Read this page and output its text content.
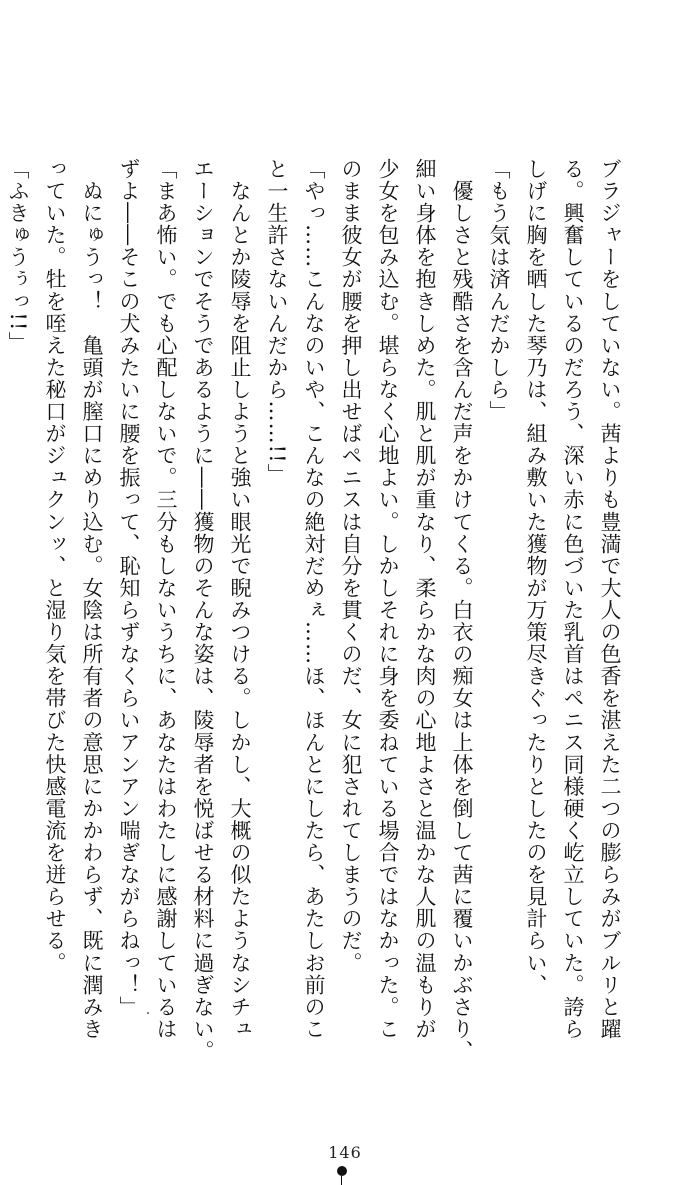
ブラジャーをしていない。茜よりも豊満で大人の色香を湛えた二つの膨らみがブルリと躍
る。興奮しているのだろう、深い赤に色づいた乳首はペニス同様硬く屹立していた。誇ら
しげに胸を晒した琴乃は、組み敷いた獲物が万策尽きぐったりとしたのを見計らい、
「もう気は済んだかしら」
　優しさと残酷さを含んだ声をかけてくる。白衣の痴女は上体を倒して茜に覆いかぶさり、
細い身体を抱きしめた。肌と肌が重なり、柔らかな肉の心地よさと温かな人肌の温もりが
少女を包み込む。堪らなく心地よい。しかしそれに身を委ねている場合ではなかった。こ
のまま彼女が腰を押し出せばペニスは自分を貫くのだ、女に犯されてしまうのだ。
「やっ……こんなのいや、こんなの絶対だめぇ……ほ、ほんとにしたら、あたしお前のこ
と一生許さないんだから……!!」
　なんとか陵辱を阻止しようと強い眼光で睨みつける。しかし、大概の似たようなシチュ
エーションでそうであるように――獲物のそんな姿は、陵辱者を悦ばせる材料に過ぎない。
「まあ怖い。でも心配しないで。三分もしないうちに、あなたはわたしに感謝しているは
ずよ――そこの犬みたいに腰を振って、恥知らずなくらいアンアン喘ぎながらねっ！」
　ぬにゅうっ！　亀頭が膣口にめり込む。女陰は所有者の意思にかかわらず、既に潤みき
っていた。牡を咥えた秘口がジュクンッ、と湿り気を帯びた快感電流を迸らせる。
「ふきゅうぅっ!!」
146
